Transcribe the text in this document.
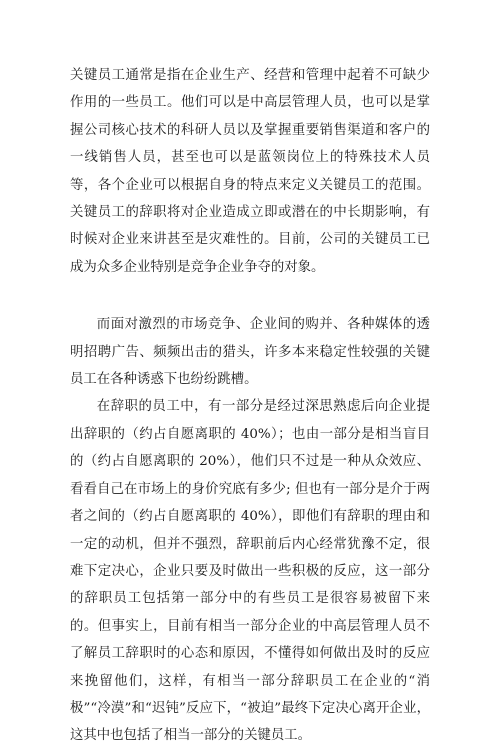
关键员工通常是指在企业生产、经营和管理中起着不可缺少作用的一些员工。他们可以是中高层管理人员，也可以是掌握公司核心技术的科研人员以及掌握重要销售渠道和客户的一线销售人员，甚至也可以是蓝领岗位上的特殊技术人员等，各个企业可以根据自身的特点来定义关键员工的范围。关键员工的辞职将对企业造成立即或潜在的中长期影响，有时候对企业来讲甚至是灾难性的。目前，公司的关键员工已成为众多企业特别是竞争企业争夺的对象。

而面对激烈的市场竞争、企业间的购并、各种媒体的透明招聘广告、频频出击的猎头，许多本来稳定性较强的关键员工在各种诱惑下也纷纷跳槽。

在辞职的员工中，有一部分是经过深思熟虑后向企业提出辞职的（约占自愿离职的 40%）；也由一部分是相当盲目的（约占自愿离职的 20%），他们只不过是一种从众效应、看看自己在市场上的身价究底有多少; 但也有一部分是介于两者之间的（约占自愿离职的 40%），即他们有辞职的理由和一定的动机，但并不强烈，辞职前后内心经常犹豫不定，很难下定决心，企业只要及时做出一些积极的反应，这一部分的辞职员工包括第一部分中的有些员工是很容易被留下来的。但事实上，目前有相当一部分企业的中高层管理人员不了解员工辞职时的心态和原因，不懂得如何做出及时的反应来挽留他们，这样，有相当一部分辞职员工在企业的“消极”“冷漠”和“迟钝”反应下，“被迫”最终下定决心离开企业，这其中也包括了相当一部分的关键员工。
